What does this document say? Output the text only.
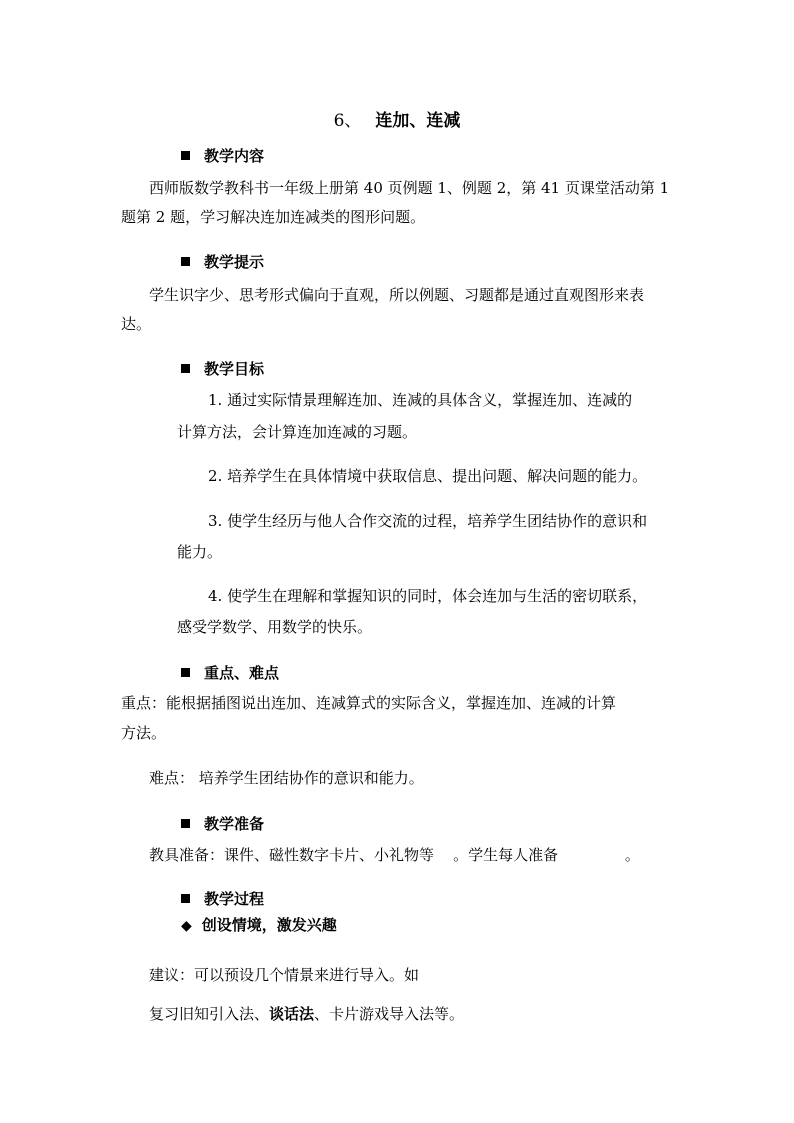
6、 连加、连减
教学内容
西师版数学教科书一年级上册第 40 页例题 1、例题 2，第 41 页课堂活动第 1
题第 2 题，学习解决连加连减类的图形问题。
教学提示
学生识字少、思考形式偏向于直观，所以例题、习题都是通过直观图形来表
达。
教学目标
1. 通过实际情景理解连加、连减的具体含义，掌握连加、连减的
计算方法，会计算连加连减的习题。
2. 培养学生在具体情境中获取信息、提出问题、解决问题的能力。
3. 使学生经历与他人合作交流的过程，培养学生团结协作的意识和
能力。
4. 使学生在理解和掌握知识的同时，体会连加与生活的密切联系，
感受学数学、用数学的快乐。
重点、难点
重点：能根据插图说出连加、连减算式的实际含义，掌握连加、连减的计算
方法。
难点： 培养学生团结协作的意识和能力。
教学准备
教具准备：课件、磁性数字卡片、小礼物等    。学生每人准备              。
教学过程
◆ 创设情境，激发兴趣
建议：可以预设几个情景来进行导入。如
复习旧知引入法、谈话法、卡片游戏导入法等。
